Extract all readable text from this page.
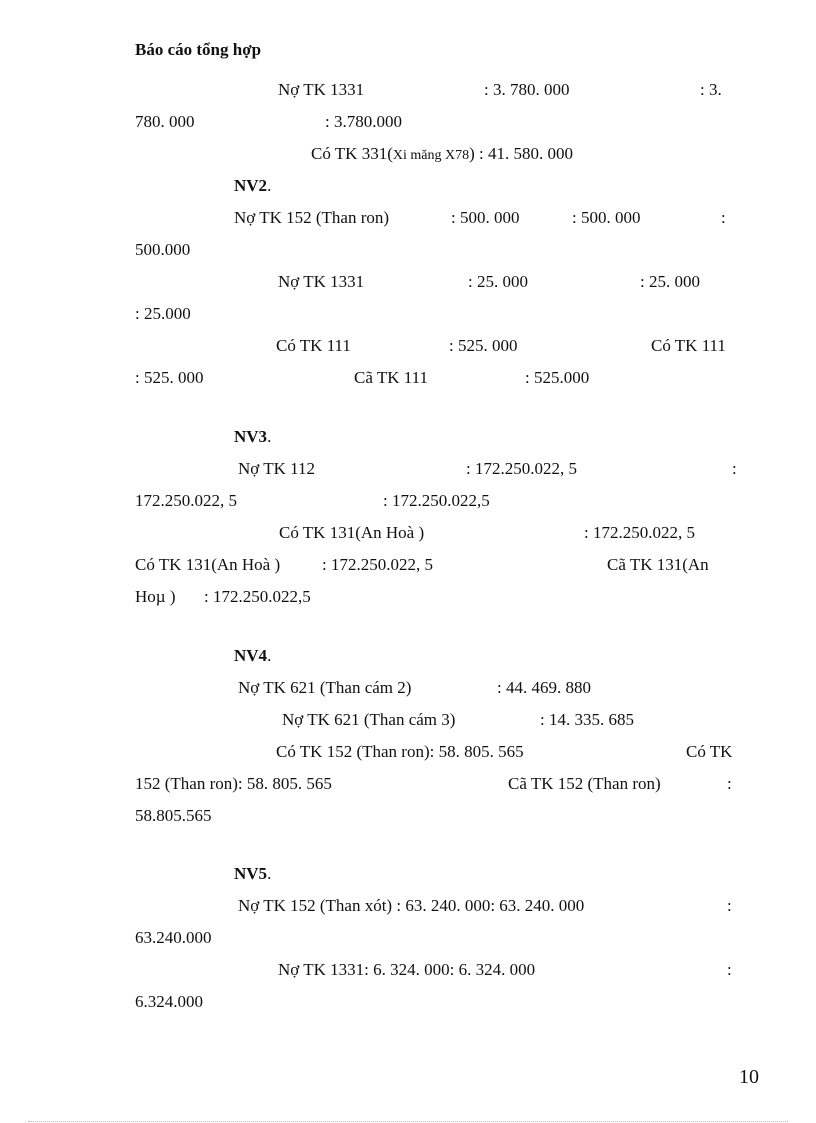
Báo cáo tổng hợp
Nợ TK 1331	: 3. 780. 000	: 3.
780. 000	: 3.780.000
Có TK 331(Xi măng X78) : 41. 580. 000
NV2.
Nợ TK 152 (Than ron)	: 500. 000	: 500. 000	:
500.000
Nợ TK 1331	: 25. 000	: 25. 000
: 25.000
Có TK 111	: 525. 000	Có TK 111
: 525. 000	Cã TK 111	: 525.000
NV3.
Nợ TK 112	: 172.250.022, 5	:
172.250.022, 5	: 172.250.022,5
Có TK 131(An Hoà )	: 172.250.022, 5
Có TK 131(An Hoà ) : 172.250.022, 5	Cã TK 131(An
Hoµ ) : 172.250.022,5
NV4.
Nợ TK 621 (Than cám 2)	: 44. 469. 880
Nợ TK 621 (Than cám 3)	: 14. 335. 685
Có TK 152 (Than ron): 58. 805. 565	Có TK
152 (Than ron): 58. 805. 565	Cã TK 152 (Than ron)	:
58.805.565
NV5.
Nợ TK 152 (Than xót) : 63. 240. 000: 63. 240. 000	:
63.240.000
Nợ TK 1331: 6. 324. 000: 6. 324. 000	:
6.324.000
10
